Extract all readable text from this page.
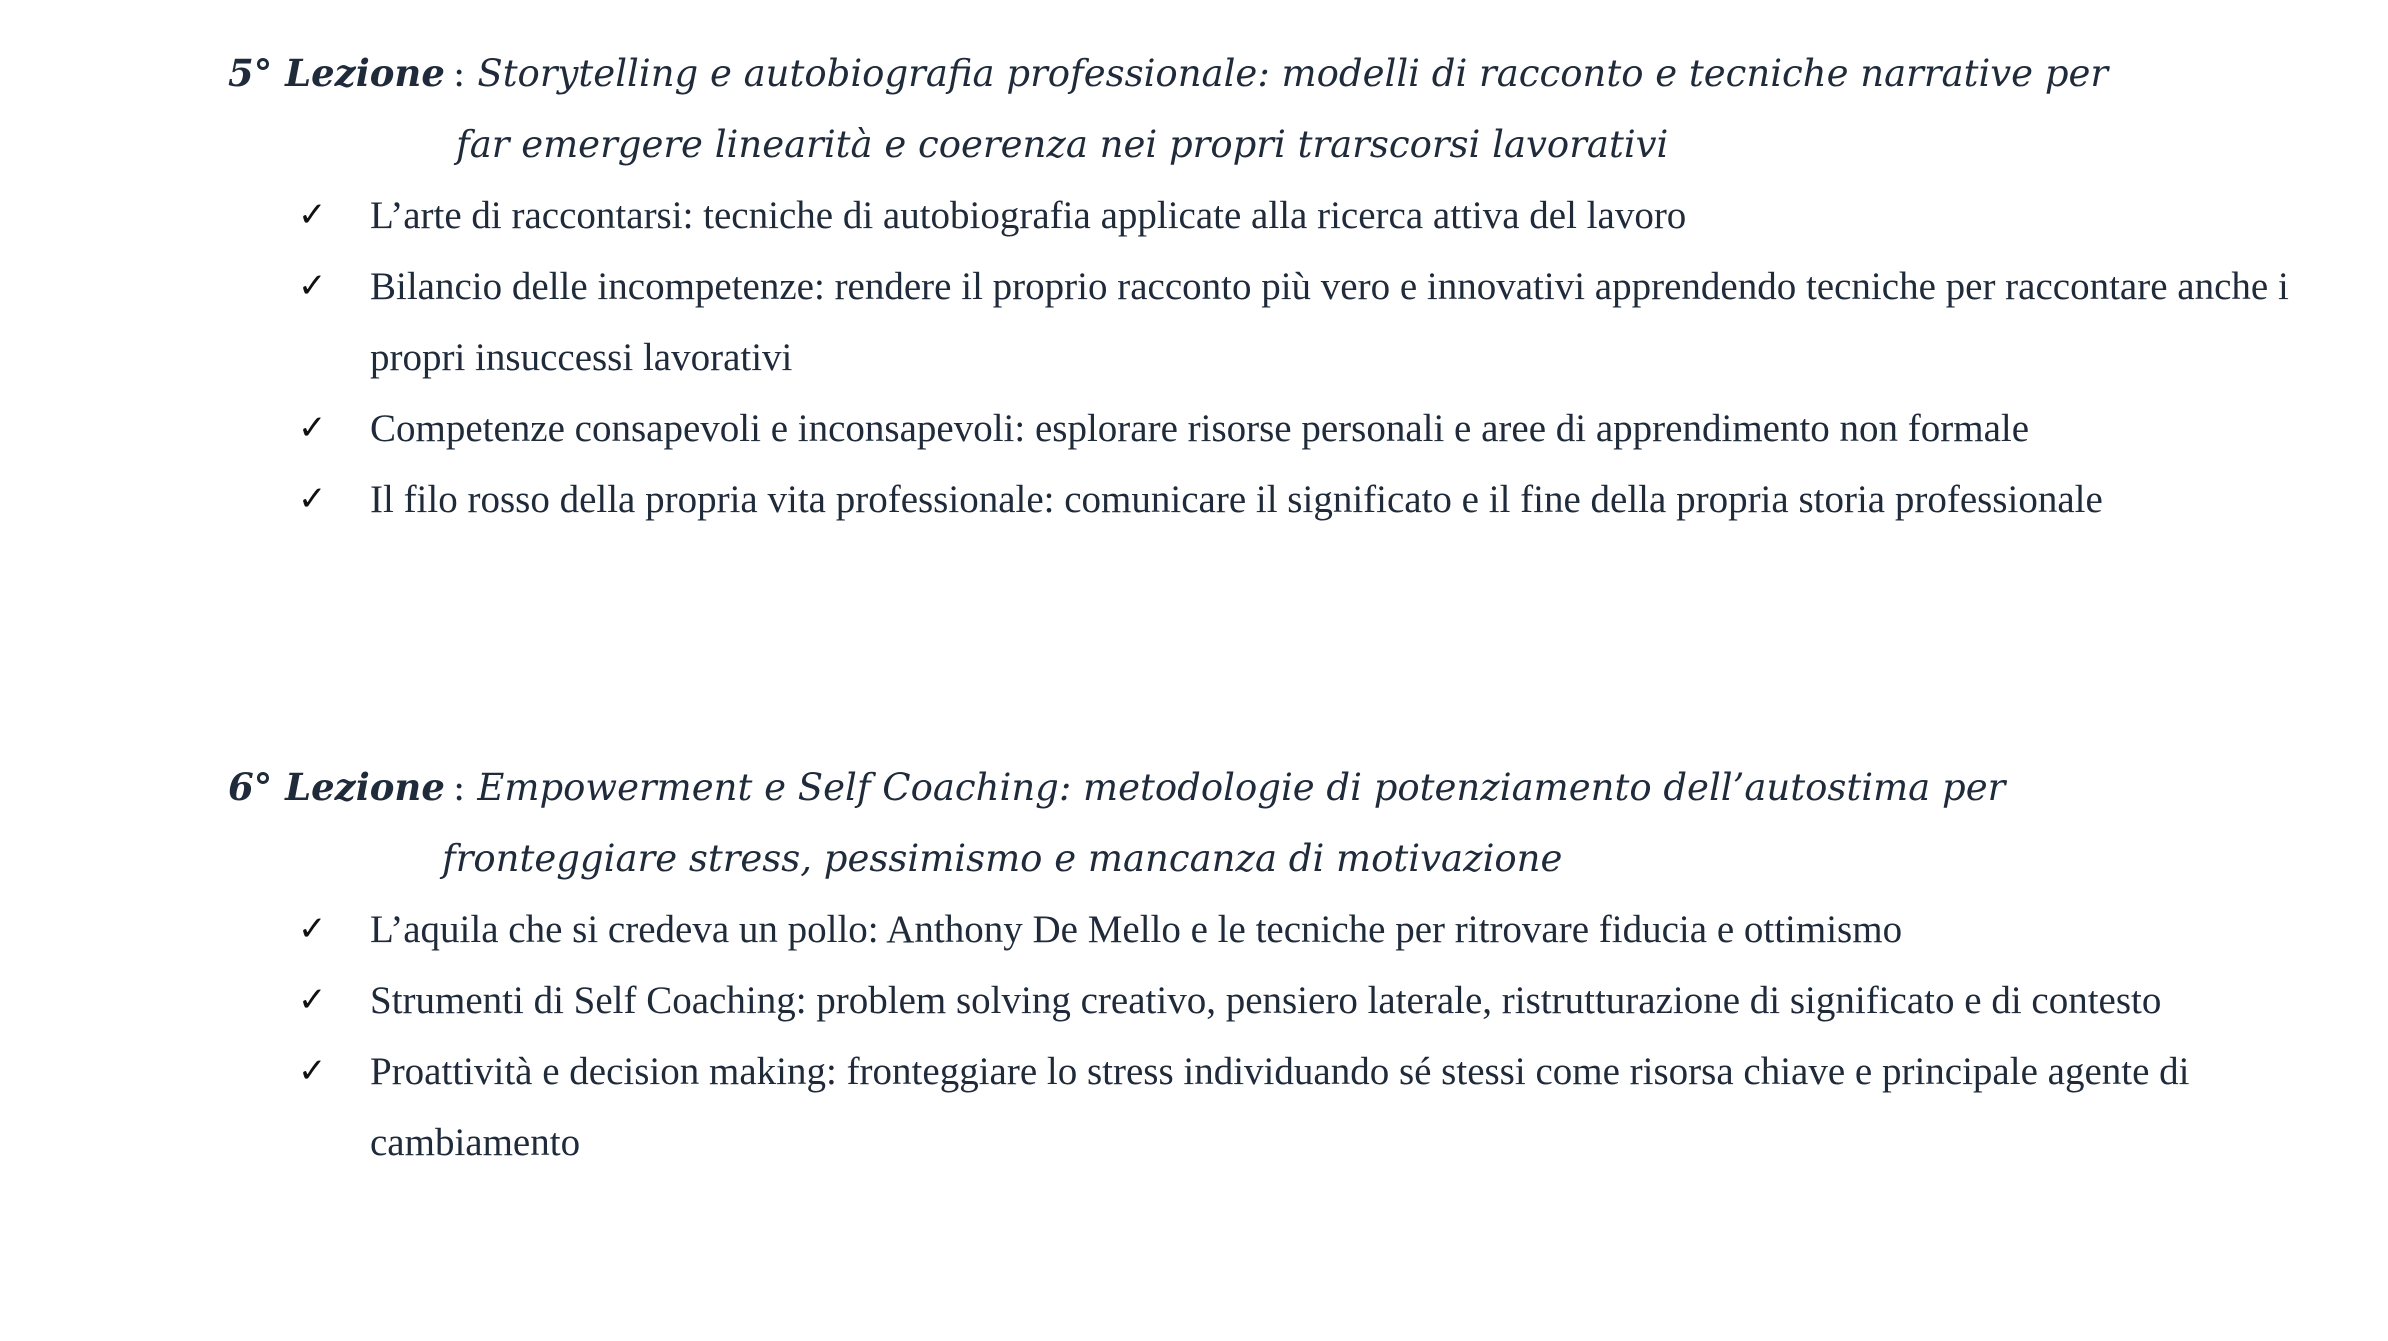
5° Lezione : Storytelling e autobiografia professionale: modelli di racconto e tecniche narrative per
far emergere linearità e coerenza nei propri trarscorsi lavorativi
✓ L’arte di raccontarsi: tecniche di autobiografia applicate alla ricerca attiva del lavoro
✓ Bilancio delle incompetenze: rendere il proprio racconto più vero e innovativi apprendendo tecniche per raccontare anche i propri insuccessi lavorativi
✓ Competenze consapevoli e inconsapevoli: esplorare risorse personali e aree di apprendimento non formale
✓ Il filo rosso della propria vita professionale: comunicare il significato e il fine della propria storia professionale
6° Lezione : Empowerment e Self Coaching: metodologie di potenziamento dell’autostima per
fronteggiare stress, pessimismo e mancanza di motivazione
✓ L’aquila che si credeva un pollo: Anthony De Mello e le tecniche per ritrovare fiducia e ottimismo
✓ Strumenti di Self Coaching: problem solving creativo, pensiero laterale, ristrutturazione di significato e di contesto
✓ Proattività e decision making: fronteggiare lo stress individuando sé stessi come risorsa chiave e principale agente di cambiamento
